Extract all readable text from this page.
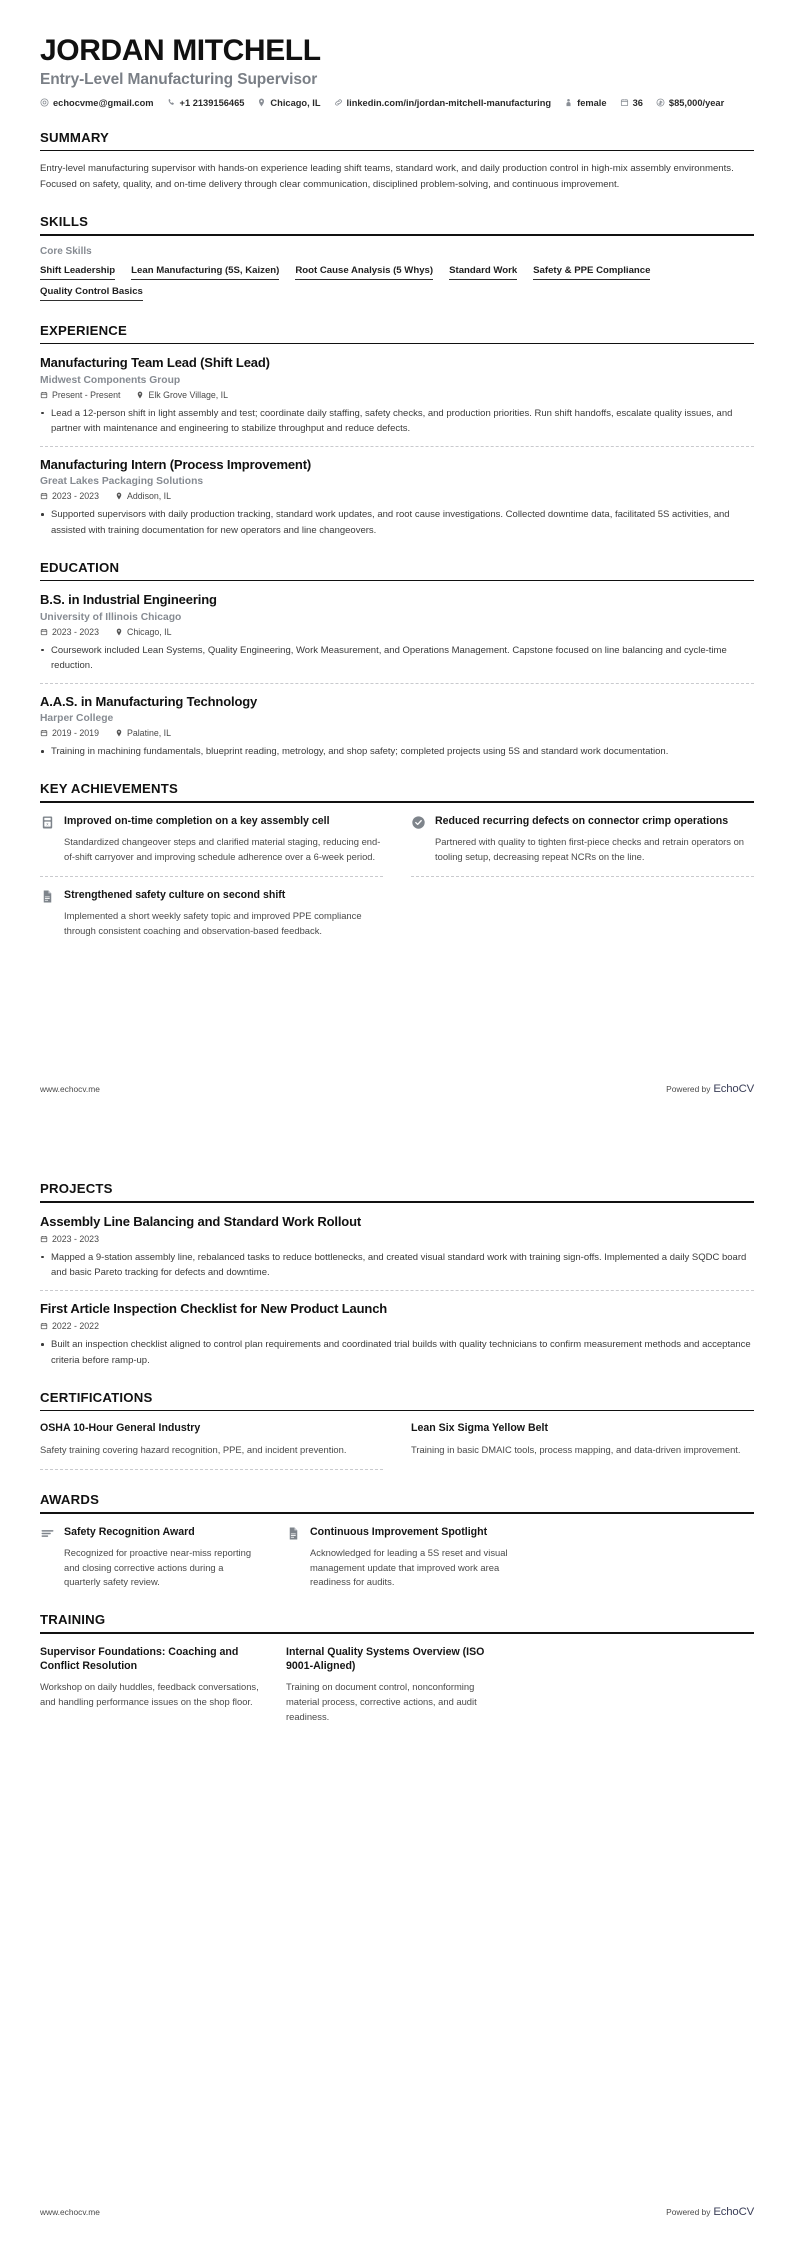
JORDAN MITCHELL
Entry-Level Manufacturing Supervisor
echocvme@gmail.com	+1 2139156465	Chicago, IL	linkedin.com/in/jordan-mitchell-manufacturing	female	36	$85,000/year
SUMMARY
Entry-level manufacturing supervisor with hands-on experience leading shift teams, standard work, and daily production control in high-mix assembly environments. Focused on safety, quality, and on-time delivery through clear communication, disciplined problem-solving, and continuous improvement.
SKILLS
Core Skills
Shift Leadership Lean Manufacturing (5S, Kaizen) Root Cause Analysis (5 Whys) Standard Work Safety & PPE Compliance
Quality Control Basics
EXPERIENCE
Manufacturing Team Lead (Shift Lead)
Midwest Components Group
Present - Present	Elk Grove Village, IL
Lead a 12-person shift in light assembly and test; coordinate daily staffing, safety checks, and production priorities. Run shift handoffs, escalate quality issues, and partner with maintenance and engineering to stabilize throughput and reduce defects.
Manufacturing Intern (Process Improvement)
Great Lakes Packaging Solutions
2023 - 2023	Addison, IL
Supported supervisors with daily production tracking, standard work updates, and root cause investigations. Collected downtime data, facilitated 5S activities, and assisted with training documentation for new operators and line changeovers.
EDUCATION
B.S. in Industrial Engineering
University of Illinois Chicago
2023 - 2023	Chicago, IL
Coursework included Lean Systems, Quality Engineering, Work Measurement, and Operations Management. Capstone focused on line balancing and cycle-time reduction.
A.A.S. in Manufacturing Technology
Harper College
2019 - 2019	Palatine, IL
Training in machining fundamentals, blueprint reading, metrology, and shop safety; completed projects using 5S and standard work documentation.
KEY ACHIEVEMENTS
x Improved on-time completion on a key assembly cell
Standardized changeover steps and clarified material staging, reducing end-of-shift carryover and improving schedule adherence over a 6-week period.
Reduced recurring defects on connector crimp operations
Partnered with quality to tighten first-piece checks and retrain operators on tooling setup, decreasing repeat NCRs on the line.
Strengthened safety culture on second shift
Implemented a short weekly safety topic and improved PPE compliance through consistent coaching and observation-based feedback.
www.echocv.me	Powered by EchoCV
PROJECTS
Assembly Line Balancing and Standard Work Rollout
2023 - 2023
Mapped a 9-station assembly line, rebalanced tasks to reduce bottlenecks, and created visual standard work with training sign-offs. Implemented a daily SQDC board and basic Pareto tracking for defects and downtime.
First Article Inspection Checklist for New Product Launch
2022 - 2022
Built an inspection checklist aligned to control plan requirements and coordinated trial builds with quality technicians to confirm measurement methods and acceptance criteria before ramp-up.
CERTIFICATIONS
OSHA 10-Hour General Industry
Safety training covering hazard recognition, PPE, and incident prevention.
Lean Six Sigma Yellow Belt
Training in basic DMAIC tools, process mapping, and data-driven improvement.
AWARDS
Safety Recognition Award
Recognized for proactive near-miss reporting and closing corrective actions during a quarterly safety review.
Continuous Improvement Spotlight
Acknowledged for leading a 5S reset and visual management update that improved work area readiness for audits.
TRAINING
Supervisor Foundations: Coaching and Conflict Resolution
Workshop on daily huddles, feedback conversations, and handling performance issues on the shop floor.
Internal Quality Systems Overview (ISO 9001-Aligned)
Training on document control, nonconforming material process, corrective actions, and audit readiness.
www.echocv.me	Powered by EchoCV
